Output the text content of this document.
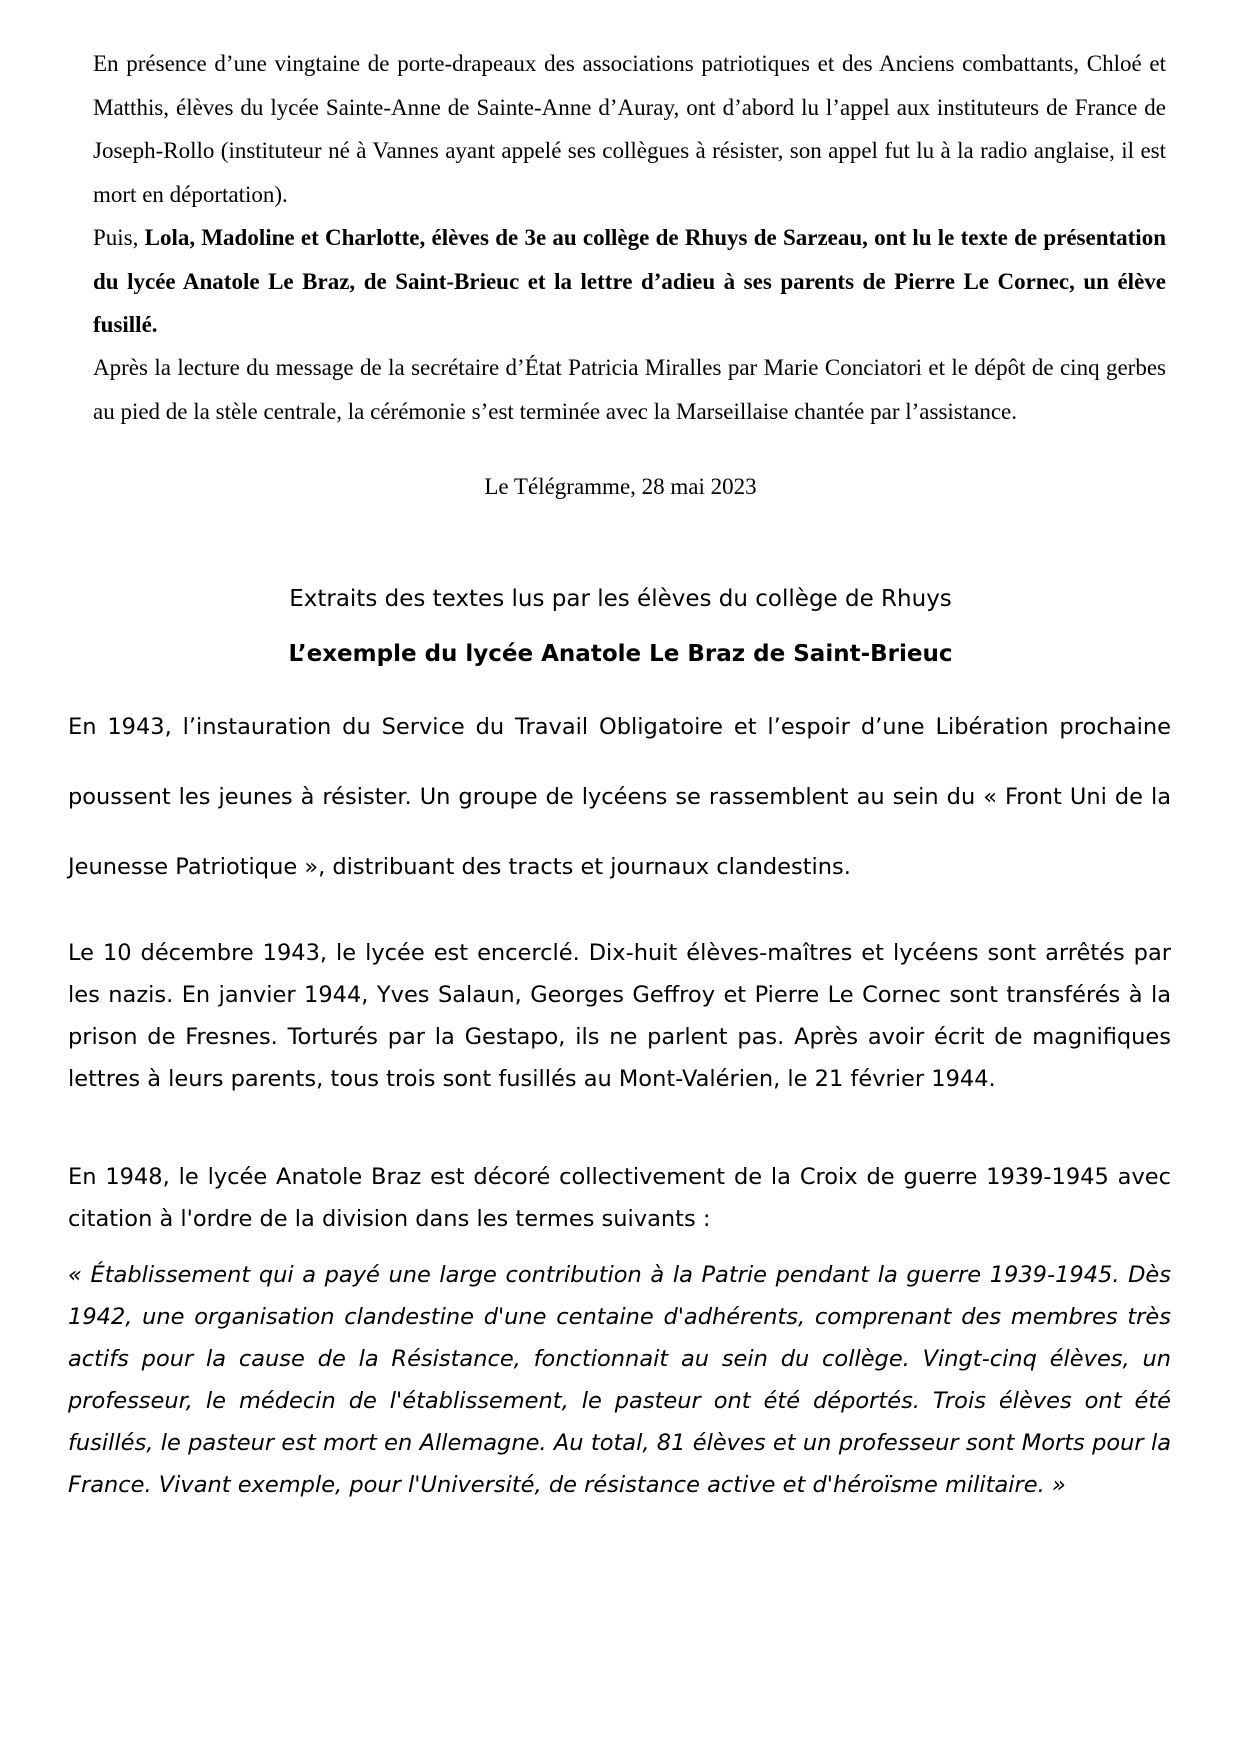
En présence d’une vingtaine de porte-drapeaux des associations patriotiques et des Anciens combattants, Chloé et Matthis, élèves du lycée Sainte-Anne de Sainte-Anne d’Auray, ont d’abord lu l’appel aux instituteurs de France de Joseph-Rollo (instituteur né à Vannes ayant appelé ses collègues à résister, son appel fut lu à la radio anglaise, il est mort en déportation).

Puis, Lola, Madoline et Charlotte, élèves de 3e au collège de Rhuys de Sarzeau, ont lu le texte de présentation du lycée Anatole Le Braz, de Saint-Brieuc et la lettre d’adieu à ses parents de Pierre Le Cornec, un élève fusillé.

Après la lecture du message de la secrétaire d’État Patricia Miralles par Marie Conciatori et le dépôt de cinq gerbes au pied de la stèle centrale, la cérémonie s’est terminée avec la Marseillaise chantée par l’assistance.

Le Télégramme, 28 mai 2023

Extraits des textes lus par les élèves du collège de Rhuys

L’exemple du lycée Anatole Le Braz de Saint-Brieuc

En 1943, l’instauration du Service du Travail Obligatoire et l’espoir d’une Libération prochaine poussent les jeunes à résister. Un groupe de lycéens se rassemblent au sein du « Front Uni de la Jeunesse Patriotique », distribuant des tracts et journaux clandestins.

Le 10 décembre 1943, le lycée est encerclé. Dix-huit élèves-maîtres et lycéens sont arrêtés par les nazis. En janvier 1944, Yves Salaun, Georges Geffroy et Pierre Le Cornec sont transférés à la prison de Fresnes. Torturés par la Gestapo, ils ne parlent pas. Après avoir écrit de magnifiques lettres à leurs parents, tous trois sont fusillés au Mont-Valérien, le 21 février 1944.

En 1948, le lycée Anatole Braz est décoré collectivement de la Croix de guerre 1939-1945 avec citation à l'ordre de la division dans les termes suivants :

« Établissement qui a payé une large contribution à la Patrie pendant la guerre 1939-1945. Dès 1942, une organisation clandestine d'une centaine d'adhérents, comprenant des membres très actifs pour la cause de la Résistance, fonctionnait au sein du collège. Vingt-cinq élèves, un professeur, le médecin de l'établissement, le pasteur ont été déportés. Trois élèves ont été fusillés, le pasteur est mort en Allemagne. Au total, 81 élèves et un professeur sont Morts pour la France. Vivant exemple, pour l'Université, de résistance active et d'héroïsme militaire. »
